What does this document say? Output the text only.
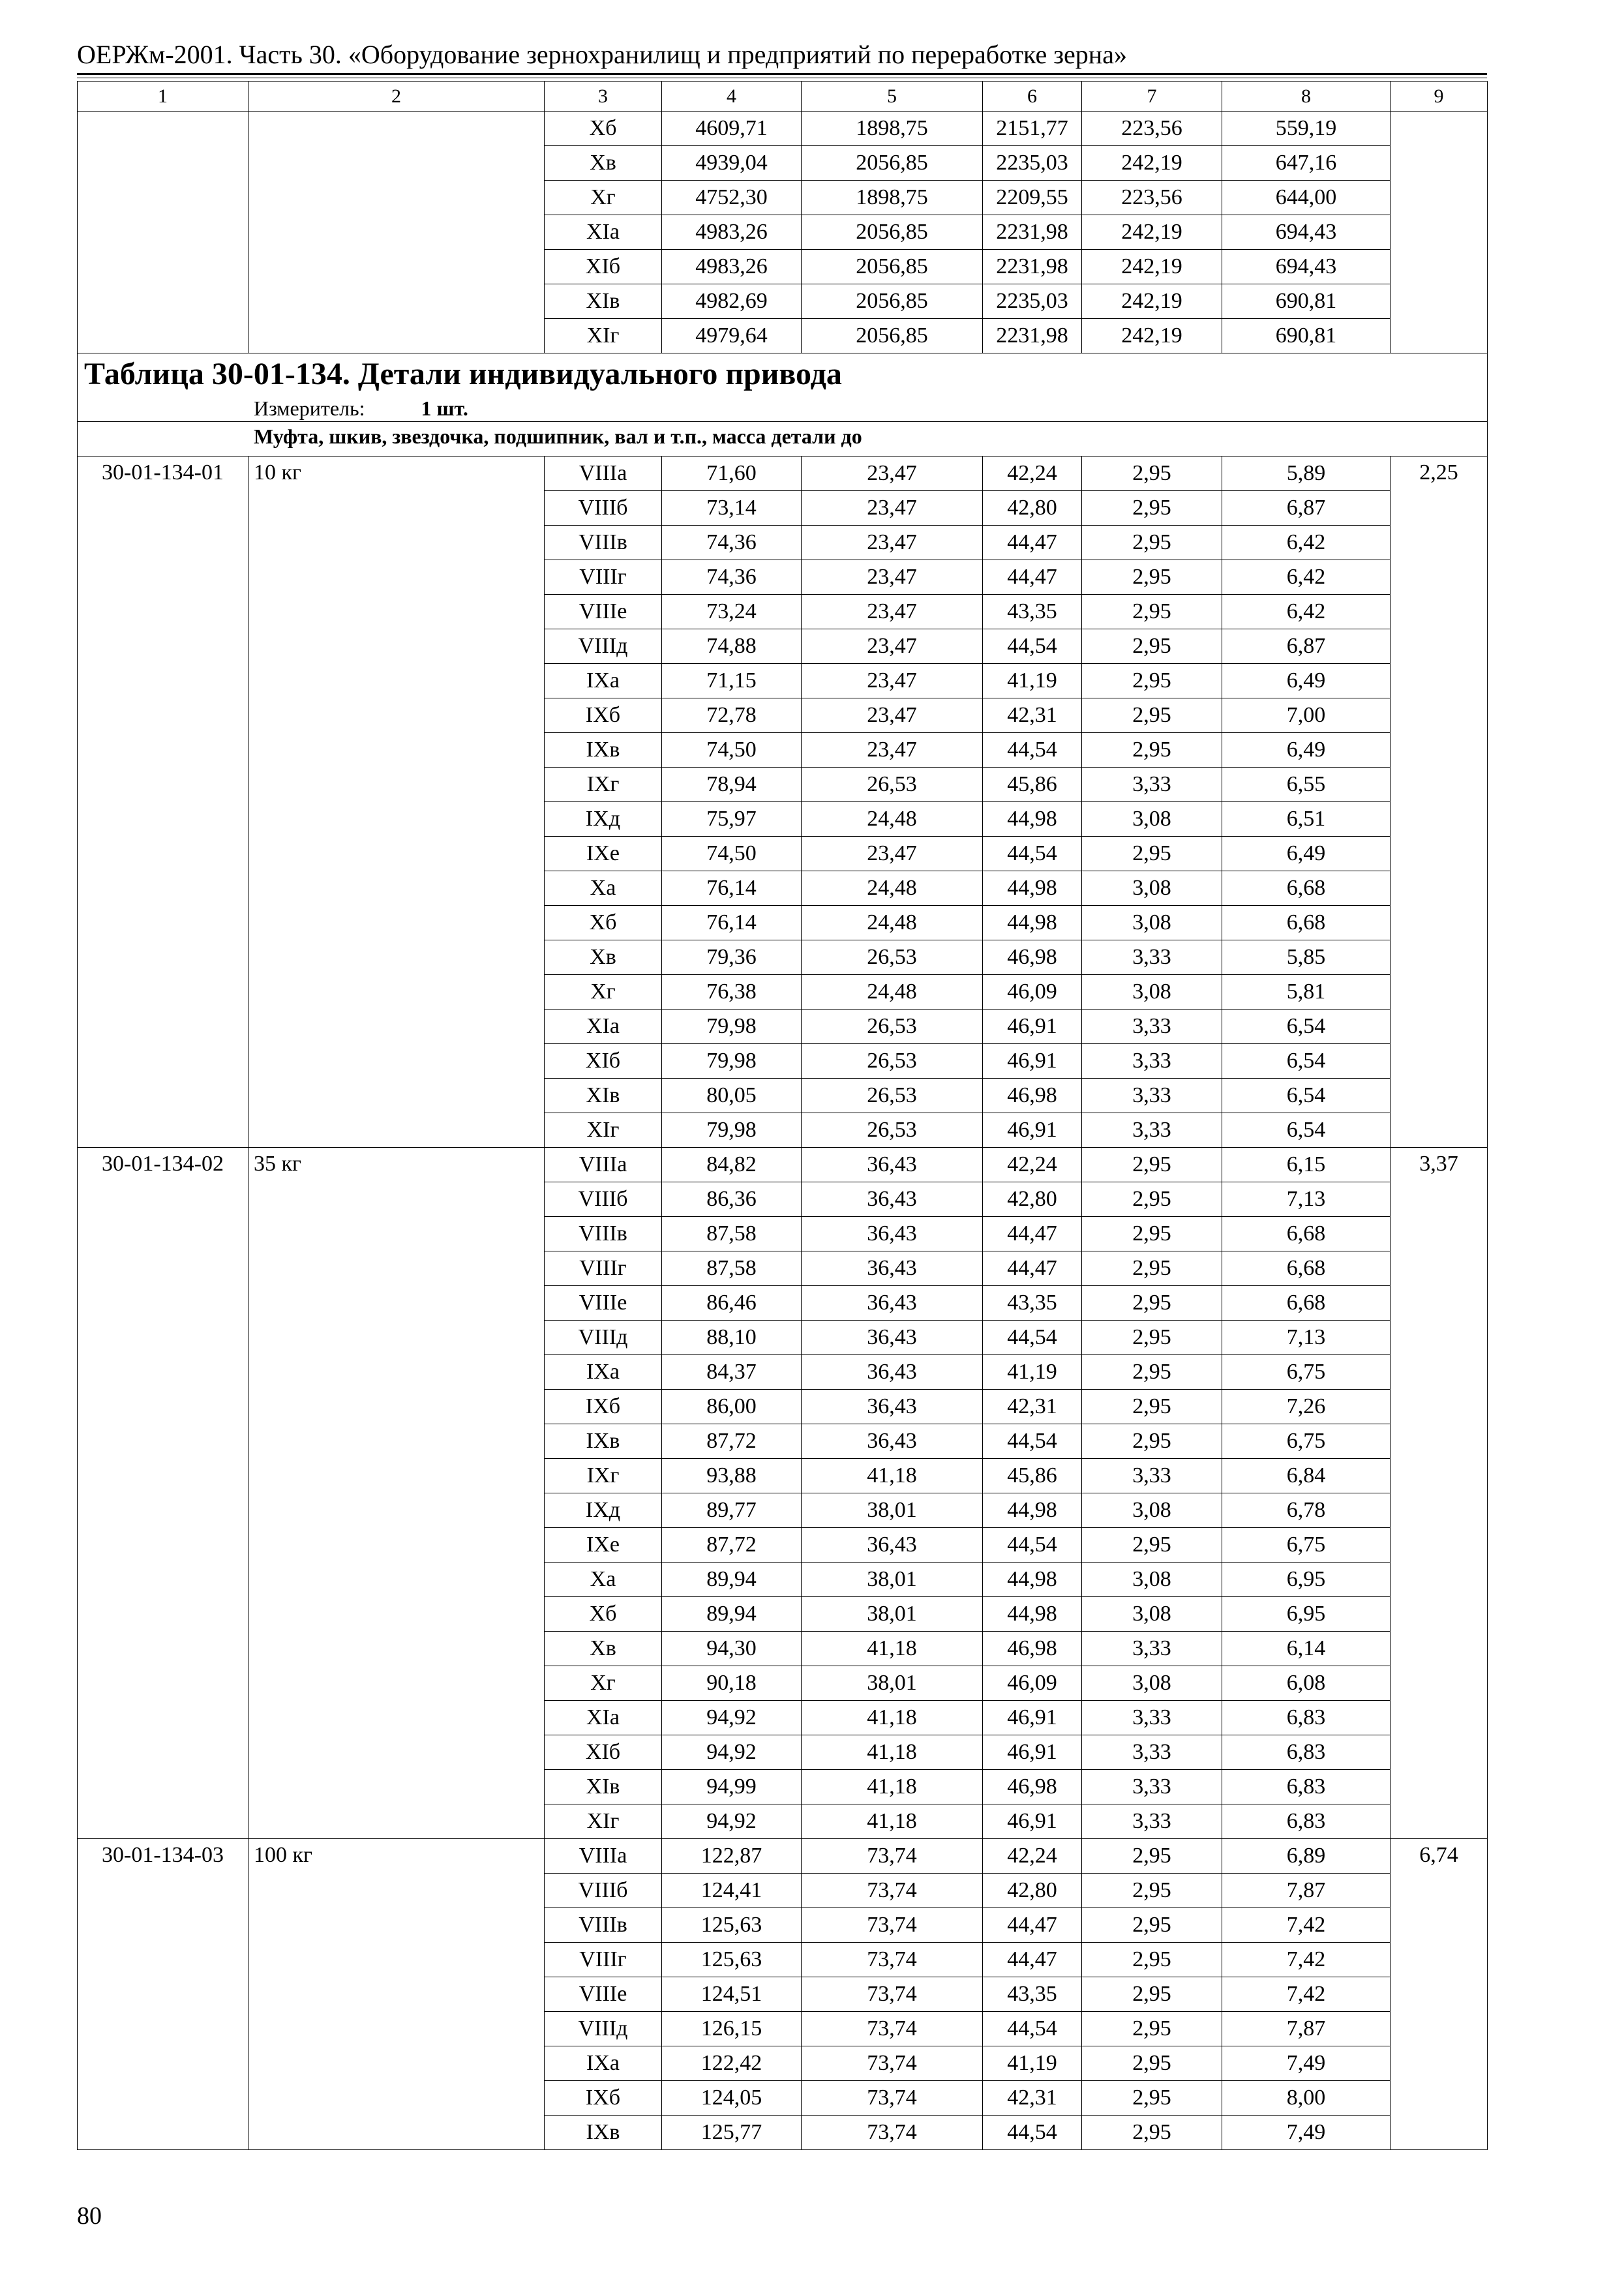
ОЕРЖм-2001. Часть 30. «Оборудование зернохранилищ и предприятий по переработке зерна»
1	2	3	4	5	6	7	8	9
		Хб	4609,71	1898,75	2151,77	223,56	559,19	
		Хв	4939,04	2056,85	2235,03	242,19	647,16	
		Хг	4752,30	1898,75	2209,55	223,56	644,00	
		ХIа	4983,26	2056,85	2231,98	242,19	694,43	
		ХIб	4983,26	2056,85	2231,98	242,19	694,43	
		ХIв	4982,69	2056,85	2235,03	242,19	690,81	
		ХIг	4979,64	2056,85	2231,98	242,19	690,81	

Таблица 30-01-134. Детали индивидуального привода
Измеритель: 1 шт.								

Муфта, шкив, звездочка, подшипник, вал и т.п., масса детали до								

30-01-134-01	10 кг	VIIIа	71,60	23,47	42,24	2,95	5,89	2,25
		VIIIб	73,14	23,47	42,80	2,95	6,87	
		VIIIв	74,36	23,47	44,47	2,95	6,42	
		VIIIг	74,36	23,47	44,47	2,95	6,42	
		VIIIе	73,24	23,47	43,35	2,95	6,42	
		VIIIд	74,88	23,47	44,54	2,95	6,87	
		IXа	71,15	23,47	41,19	2,95	6,49	
		IXб	72,78	23,47	42,31	2,95	7,00	
		IXв	74,50	23,47	44,54	2,95	6,49	
		IXг	78,94	26,53	45,86	3,33	6,55	
		IXд	75,97	24,48	44,98	3,08	6,51	
		IXе	74,50	23,47	44,54	2,95	6,49	
		Ха	76,14	24,48	44,98	3,08	6,68	
		Хб	76,14	24,48	44,98	3,08	6,68	
		Хв	79,36	26,53	46,98	3,33	5,85	
		Хг	76,38	24,48	46,09	3,08	5,81	
		ХIа	79,98	26,53	46,91	3,33	6,54	
		ХIб	79,98	26,53	46,91	3,33	6,54	
		ХIв	80,05	26,53	46,98	3,33	6,54	
		ХIг	79,98	26,53	46,91	3,33	6,54	
30-01-134-02	35 кг	VIIIа	84,82	36,43	42,24	2,95	6,15	3,37
		VIIIб	86,36	36,43	42,80	2,95	7,13	
		VIIIв	87,58	36,43	44,47	2,95	6,68	
		VIIIг	87,58	36,43	44,47	2,95	6,68	
		VIIIе	86,46	36,43	43,35	2,95	6,68	
		VIIIд	88,10	36,43	44,54	2,95	7,13	
		IXа	84,37	36,43	41,19	2,95	6,75	
		IXб	86,00	36,43	42,31	2,95	7,26	
		IXв	87,72	36,43	44,54	2,95	6,75	
		IXг	93,88	41,18	45,86	3,33	6,84	
		IXд	89,77	38,01	44,98	3,08	6,78	
		IXе	87,72	36,43	44,54	2,95	6,75	
		Ха	89,94	38,01	44,98	3,08	6,95	
		Хб	89,94	38,01	44,98	3,08	6,95	
		Хв	94,30	41,18	46,98	3,33	6,14	
		Хг	90,18	38,01	46,09	3,08	6,08	
		ХIа	94,92	41,18	46,91	3,33	6,83	
		ХIб	94,92	41,18	46,91	3,33	6,83	
		ХIв	94,99	41,18	46,98	3,33	6,83	
		ХIг	94,92	41,18	46,91	3,33	6,83	
30-01-134-03	100 кг	VIIIа	122,87	73,74	42,24	2,95	6,89	6,74
		VIIIб	124,41	73,74	42,80	2,95	7,87	
		VIIIв	125,63	73,74	44,47	2,95	7,42	
		VIIIг	125,63	73,74	44,47	2,95	7,42	
		VIIIе	124,51	73,74	43,35	2,95	7,42	
		VIIIд	126,15	73,74	44,54	2,95	7,87	
		IXа	122,42	73,74	41,19	2,95	7,49	
		IXб	124,05	73,74	42,31	2,95	8,00	
		IXв	125,77	73,74	44,54	2,95	7,49	
80
